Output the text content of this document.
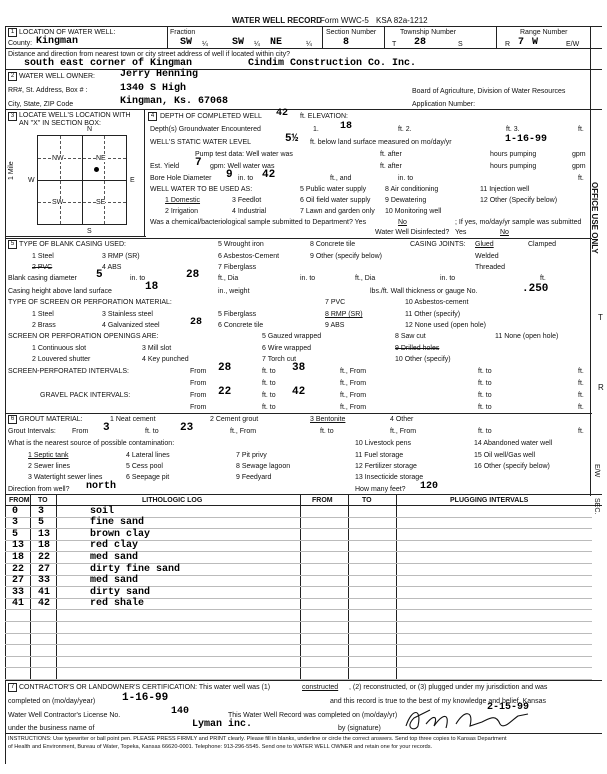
WATER WELL RECORD
Form WWC-5 KSA 82a-1212
1 LOCATION OF WATER WELL:
County: Kingman
Fraction
SW ¼ SW ¼ NE	¼
Section Number
8
Township Number
T 28	S
Range Number
R 7 W	E/W
Distance and direction from nearest town or city street address of well if located within city?
south east corner of Kingman	Cindim Construction Co. Inc.
2 WATER WELL OWNER:	Jerry Henning
RR#, St. Address, Box # :	1340 S High	Board of Agriculture, Division of Water Resources
City, State, ZIP Code	Kingman, Ks. 67068	Application Number:
3 LOCATE WELL'S LOCATION WITH
AN "X" IN SECTION BOX:
1 Mile
N
S
W	E
NW	NE
SW	SE
4 DEPTH OF COMPLETED WELL 42 ft. ELEVATION:
Depth(s) Groundwater Encountered	1. 18	ft. 2.	ft. 3.	ft.
WELL'S STATIC WATER LEVEL	5½ ft. below land surface measured on mo/day/yr	1-16-99
Pump test data: Well water was	ft. after	hours pumping	gpm
Est. Yield 7 gpm: Well water was	ft. after	hours pumping	gpm
Bore Hole Diameter 9 in. to 42	ft., and	in. to	ft.
WELL WATER TO BE USED AS:	5 Public water supply	8 Air conditioning	11 Injection well
1 Domestic	3 Feedlot	6 Oil field water supply 9 Dewatering	12 Other (Specify below)
2 Irrigation	4 Industrial	7 Lawn and garden only 10 Monitoring well
Was a chemical/bacteriological sample submitted to Department? Yes	No	; If yes, mo/day/yr sample was submitted
Water Well Disinfected? Yes	No
5 TYPE OF BLANK CASING USED:	5 Wrought iron	8 Concrete tile	CASING JOINTS: Glued	Clamped
1 Steel	3 RMP (SR)	6 Asbestos-Cement	9 Other (specify below)	Welded
2 PVC	4 ABS	7 Fiberglass	Threaded
Blank casing diameter 5	in. to	28	ft., Dia	in. to	ft., Dia	in. to	ft.
Casing height above land surface	18	in., weight	lbs./ft. Wall thickness or gauge No.	.250
TYPE OF SCREEN OR PERFORATION MATERIAL:	7 PVC	10 Asbestos-cement
1 Steel	3 Stainless steel	5 Fiberglass	8 RMP (SR)	11 Other (specify)
2 Brass	4 Galvanized steel	28 6 Concrete tile	9 ABS	12 None used (open hole)
SCREEN OR PERFORATION OPENINGS ARE:	5 Gauzed wrapped	8 Saw cut	11 None (open hole)
1 Continuous slot	3 Mill slot	6 Wire wrapped	9 Drilled holes
2 Louvered shutter	4 Key punched	7 Torch cut	10 Other (specify)
SCREEN-PERFORATED INTERVALS:	From 28	ft. to 38	ft., From	ft. to	ft.
From	ft. to	ft., From	ft. to	ft.
GRAVEL PACK INTERVALS:	From 22	ft. to 42	ft., From	ft. to	ft.
From	ft. to	ft., From	ft. to	ft.
6 GROUT MATERIAL:	1 Neat cement	2 Cement grout	3 Bentonite	4 Other
Grout Intervals: From 3	ft. to 23	ft., From	ft. to	ft., From	ft. to	ft.
What is the nearest source of possible contamination:	10 Livestock pens	14 Abandoned water well
1 Septic tank	4 Lateral lines	7 Pit privy	11 Fuel storage	15 Oil well/Gas well
2 Sewer lines	5 Cess pool	8 Sewage lagoon	12 Fertilizer storage	16 Other (specify below)
3 Watertight sewer lines	6 Seepage pit	9 Feedyard	13 Insecticide storage
Direction from well? north	How many feet? 120
FROM TO	LITHOLOGIC LOG	FROM	TO	PLUGGING INTERVALS
0 3	soil
3 5	fine sand
5 13	brown clay
13 18	red clay
18 22	med sand
22 27	dirty fine sand
27 33	med sand
33 41	dirty sand
41 42	red shale
7 CONTRACTOR'S OR LANDOWNER'S CERTIFICATION: This water well was (1)	constructed , (2) reconstructed, or (3) plugged under my jurisdiction and was
completed on (mo/day/year) 1-16-99	and this record is true to the best of my knowledge and belief. Kansas
Water Well Contractor's License No.	140	This Water Well Record was completed on (mo/day/yr)
2-15-99
under the business name of	Lyman inc.	by (signature)
INSTRUCTIONS: Use typewriter or ball point pen. PLEASE PRESS FIRMLY and PRINT clearly. Please fill in blanks, underline or circle the correct answers. Send top three copies to Kansas Department
of Health and Environment, Bureau of Water, Topeka, Kansas 66620-0001. Telephone: 913-296-5545. Send one to WATER WELL OWNER and retain one for your records.
OFFICE USE ONLY
T
R
E/W
SEC.
